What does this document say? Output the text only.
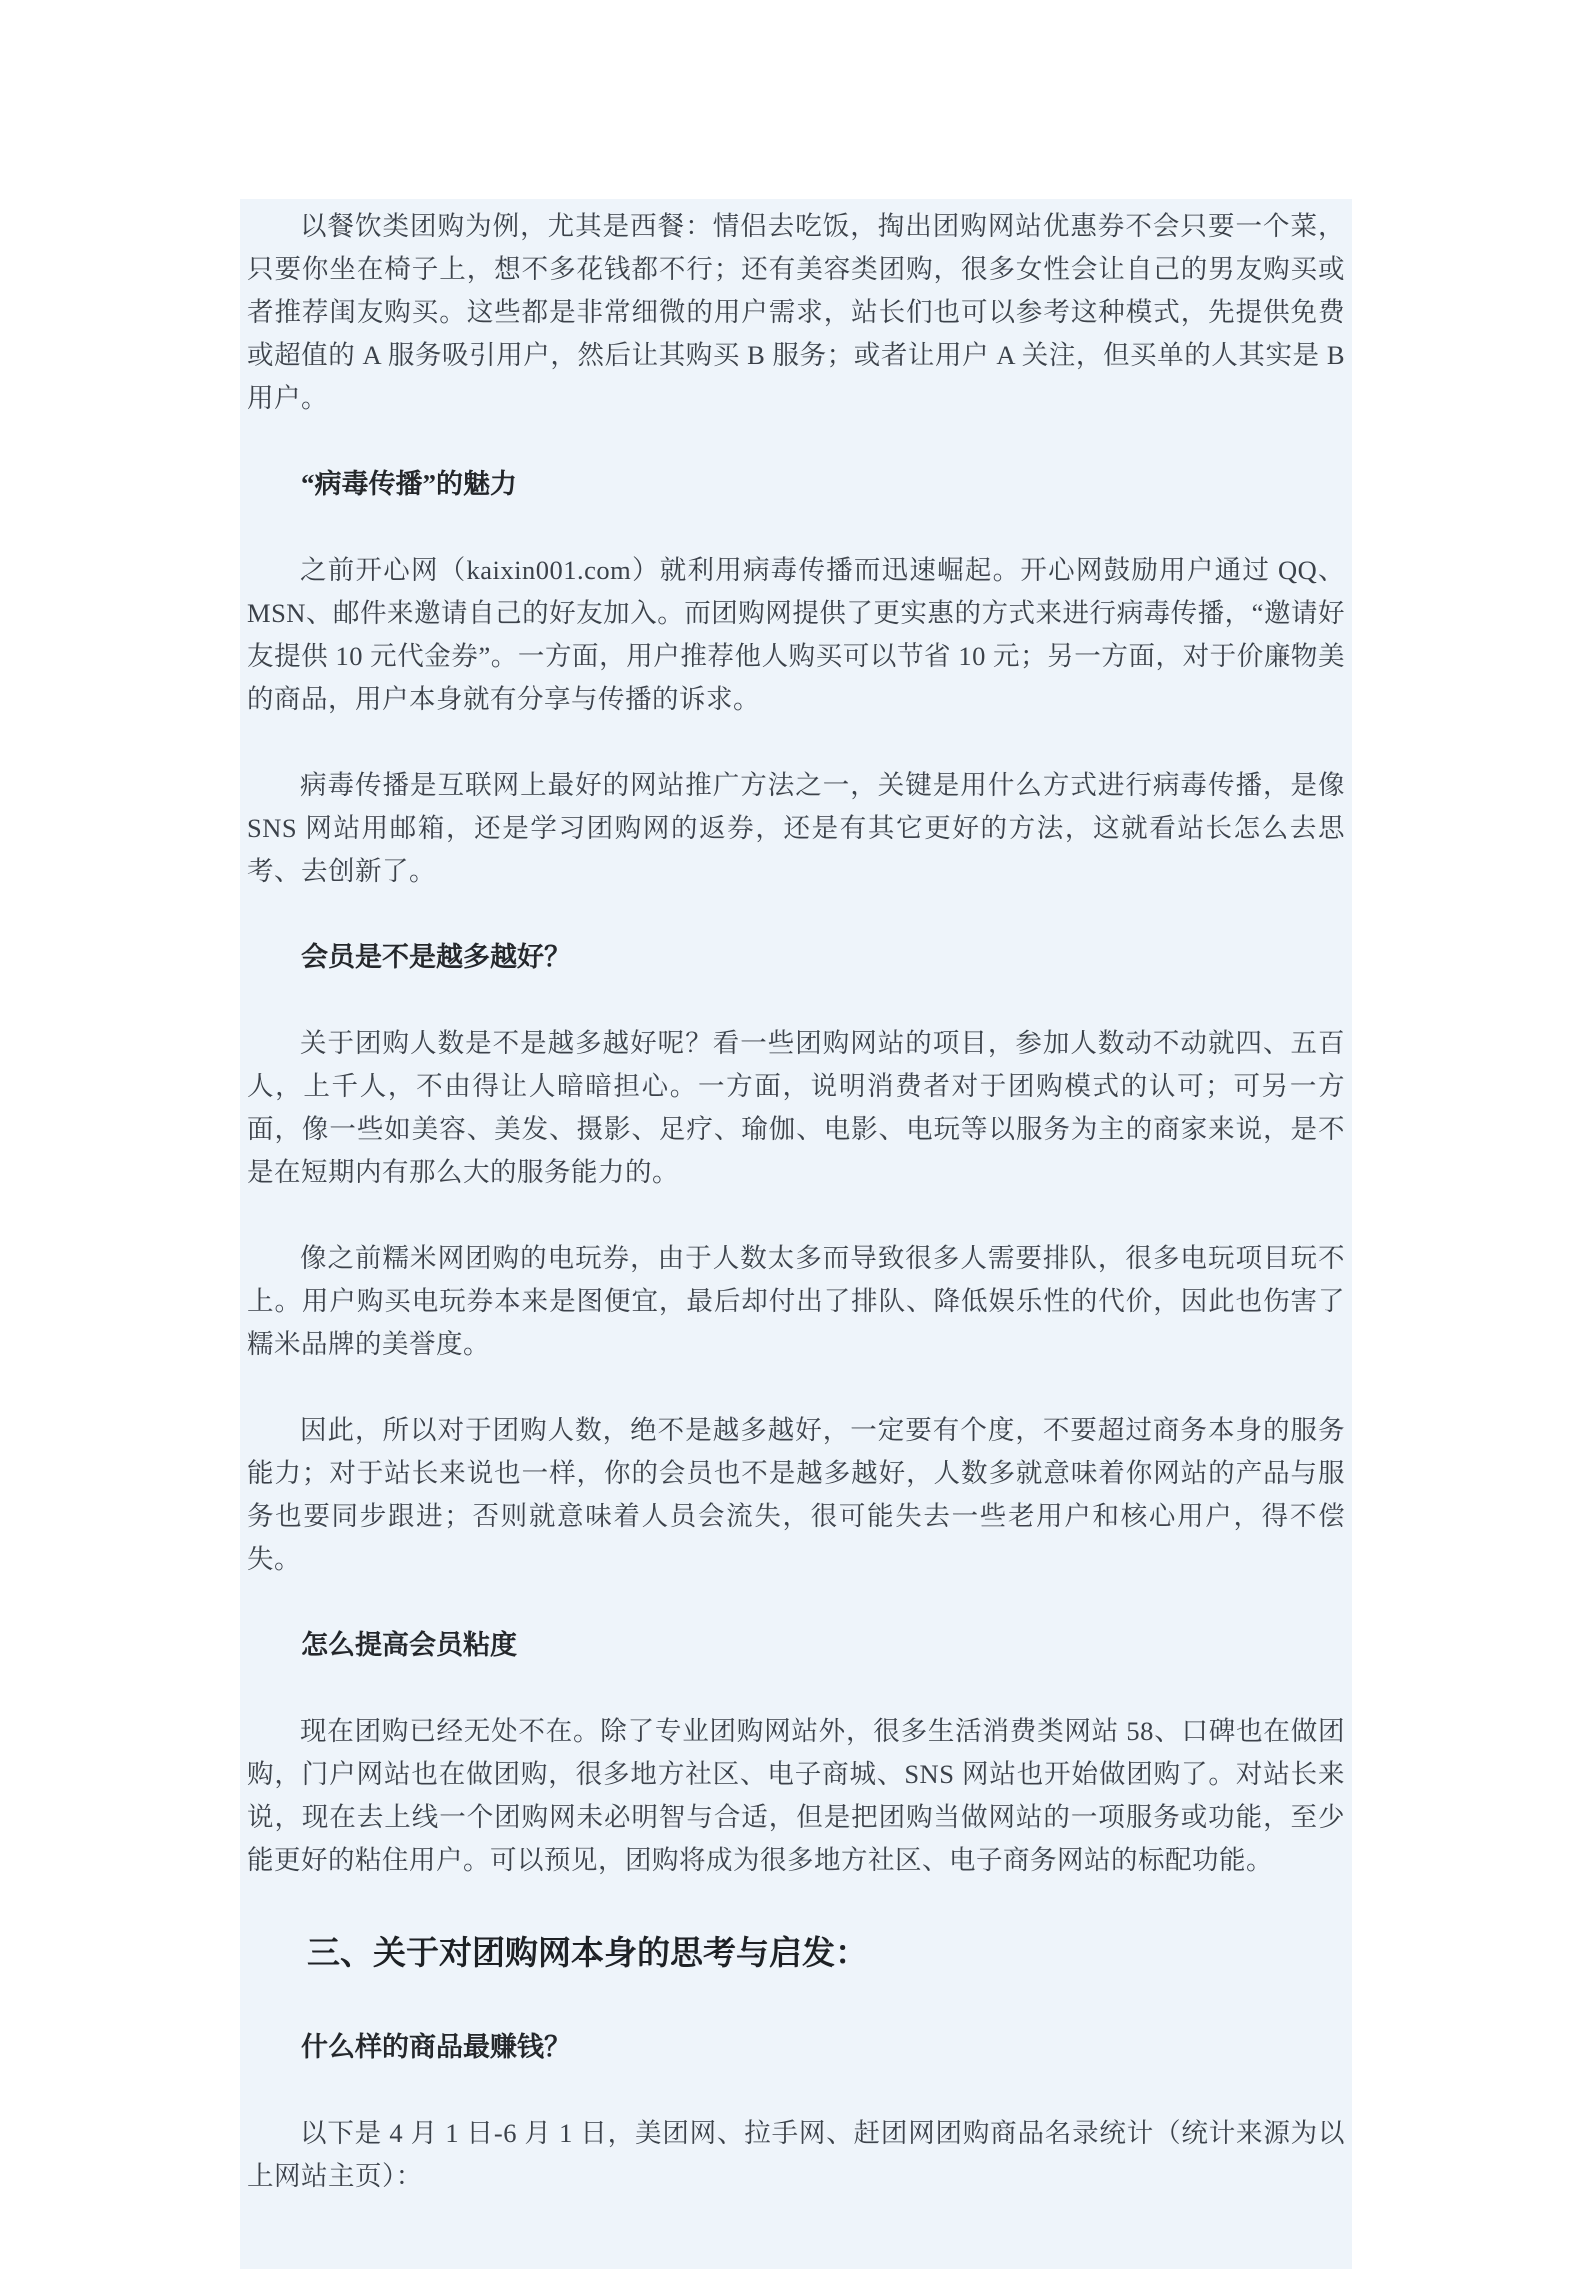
以餐饮类团购为例，尤其是西餐：情侣去吃饭，掏出团购网站优惠券不会只要一个菜，只要你坐在椅子上，想不多花钱都不行；还有美容类团购，很多女性会让自己的男友购买或者推荐闺友购买。这些都是非常细微的用户需求，站长们也可以参考这种模式，先提供免费或超值的 A 服务吸引用户，然后让其购买 B 服务；或者让用户 A 关注，但买单的人其实是 B 用户。
“病毒传播”的魅力
之前开心网（kaixin001.com）就利用病毒传播而迅速崛起。开心网鼓励用户通过 QQ、MSN、邮件来邀请自己的好友加入。而团购网提供了更实惠的方式来进行病毒传播，“邀请好友提供 10 元代金券”。一方面，用户推荐他人购买可以节省 10 元；另一方面，对于价廉物美的商品，用户本身就有分享与传播的诉求。
病毒传播是互联网上最好的网站推广方法之一，关键是用什么方式进行病毒传播，是像 SNS 网站用邮箱，还是学习团购网的返券，还是有其它更好的方法，这就看站长怎么去思考、去创新了。
会员是不是越多越好？
关于团购人数是不是越多越好呢？看一些团购网站的项目，参加人数动不动就四、五百人，上千人，不由得让人暗暗担心。一方面，说明消费者对于团购模式的认可；可另一方面，像一些如美容、美发、摄影、足疗、瑜伽、电影、电玩等以服务为主的商家来说，是不是在短期内有那么大的服务能力的。
像之前糯米网团购的电玩券，由于人数太多而导致很多人需要排队，很多电玩项目玩不上。用户购买电玩券本来是图便宜，最后却付出了排队、降低娱乐性的代价，因此也伤害了糯米品牌的美誉度。
因此，所以对于团购人数，绝不是越多越好，一定要有个度，不要超过商务本身的服务能力；对于站长来说也一样，你的会员也不是越多越好，人数多就意味着你网站的产品与服务也要同步跟进；否则就意味着人员会流失，很可能失去一些老用户和核心用户，得不偿失。
怎么提高会员粘度
现在团购已经无处不在。除了专业团购网站外，很多生活消费类网站 58、口碑也在做团购，门户网站也在做团购，很多地方社区、电子商城、SNS 网站也开始做团购了。对站长来说，现在去上线一个团购网未必明智与合适，但是把团购当做网站的一项服务或功能，至少能更好的粘住用户。可以预见，团购将成为很多地方社区、电子商务网站的标配功能。
三、关于对团购网本身的思考与启发：
什么样的商品最赚钱？
以下是 4 月 1 日-6 月 1 日，美团网、拉手网、赶团网团购商品名录统计（统计来源为以上网站主页）：
